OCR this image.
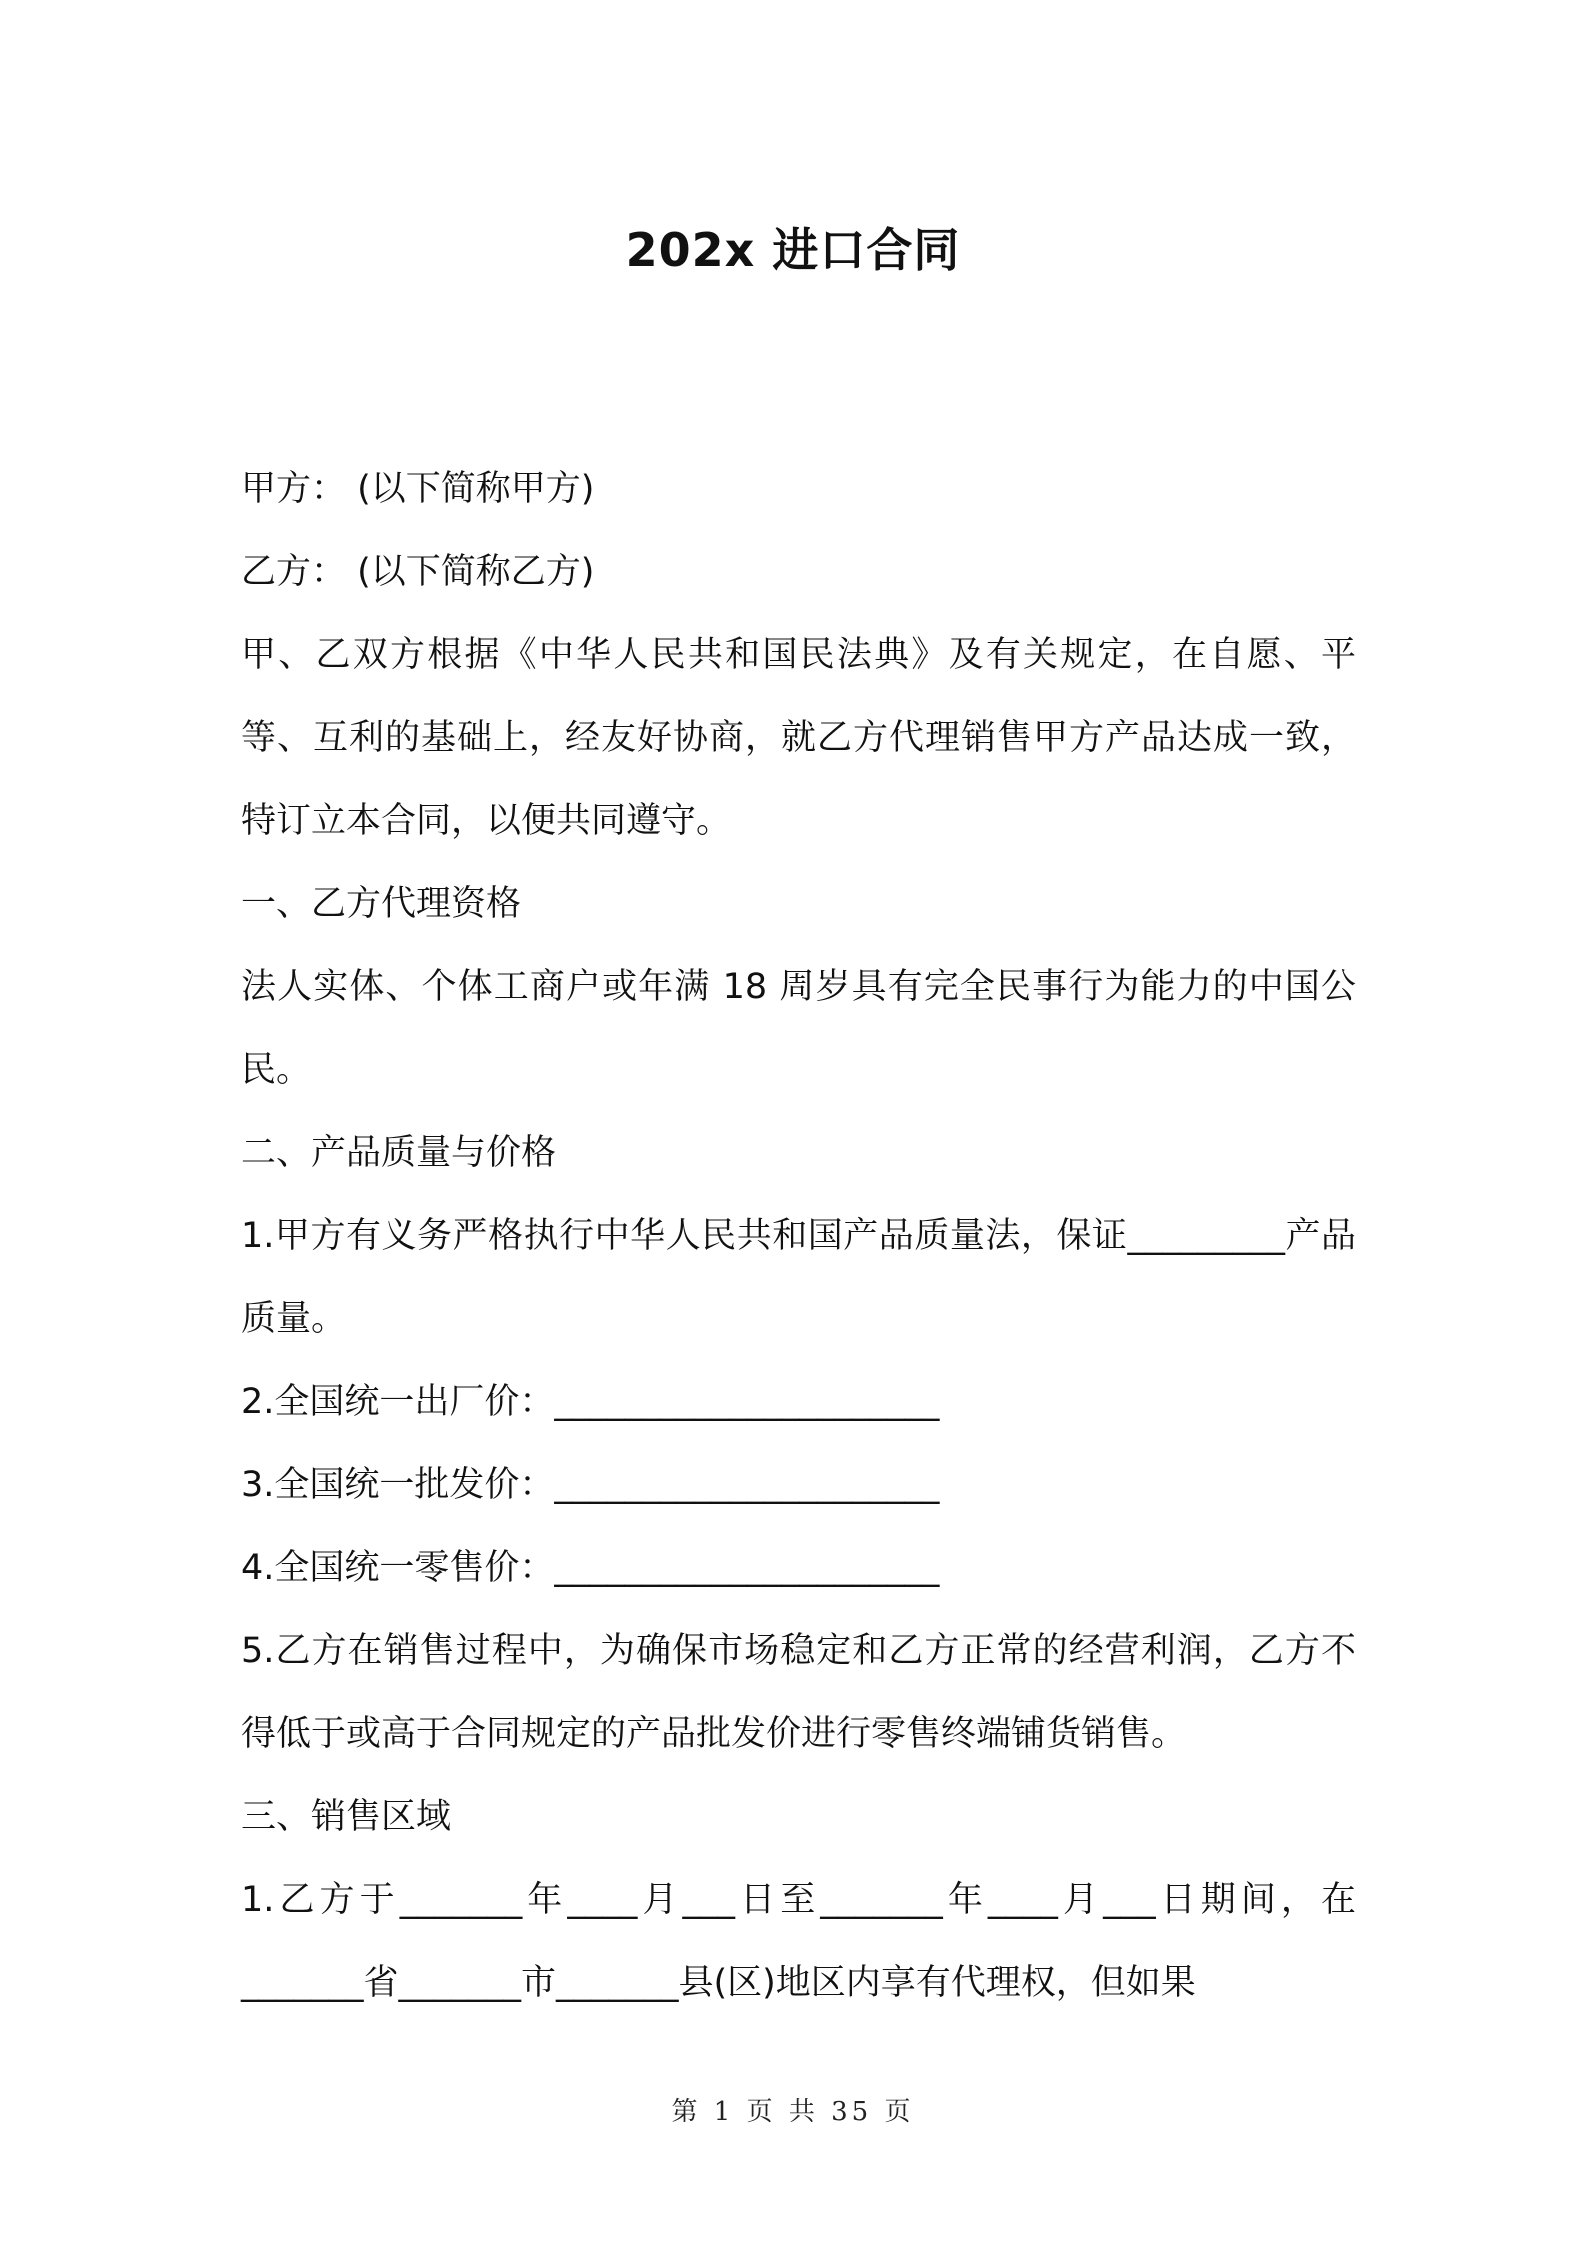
202x 进口合同

甲方： (以下简称甲方)

乙方： (以下简称乙方)

甲、乙双方根据《中华人民共和国民法典》及有关规定，在自愿、平等、互利的基础上，经友好协商，就乙方代理销售甲方产品达成一致，特订立本合同，以便共同遵守。

一、乙方代理资格

法人实体、个体工商户或年满 18 周岁具有完全民事行为能力的中国公民。

二、产品质量与价格

1.甲方有义务严格执行中华人民共和国产品质量法，保证_________产品质量。

2.全国统一出厂价：______________________

3.全国统一批发价：______________________

4.全国统一零售价：______________________

5.乙方在销售过程中，为确保市场稳定和乙方正常的经营利润，乙方不得低于或高于合同规定的产品批发价进行零售终端铺货销售。

三、销售区域

1.乙方于_______年____月___日至_______年____月___日期间，在_______省_______市_______县(区)地区内享有代理权，但如果

第 1 页 共 35 页
